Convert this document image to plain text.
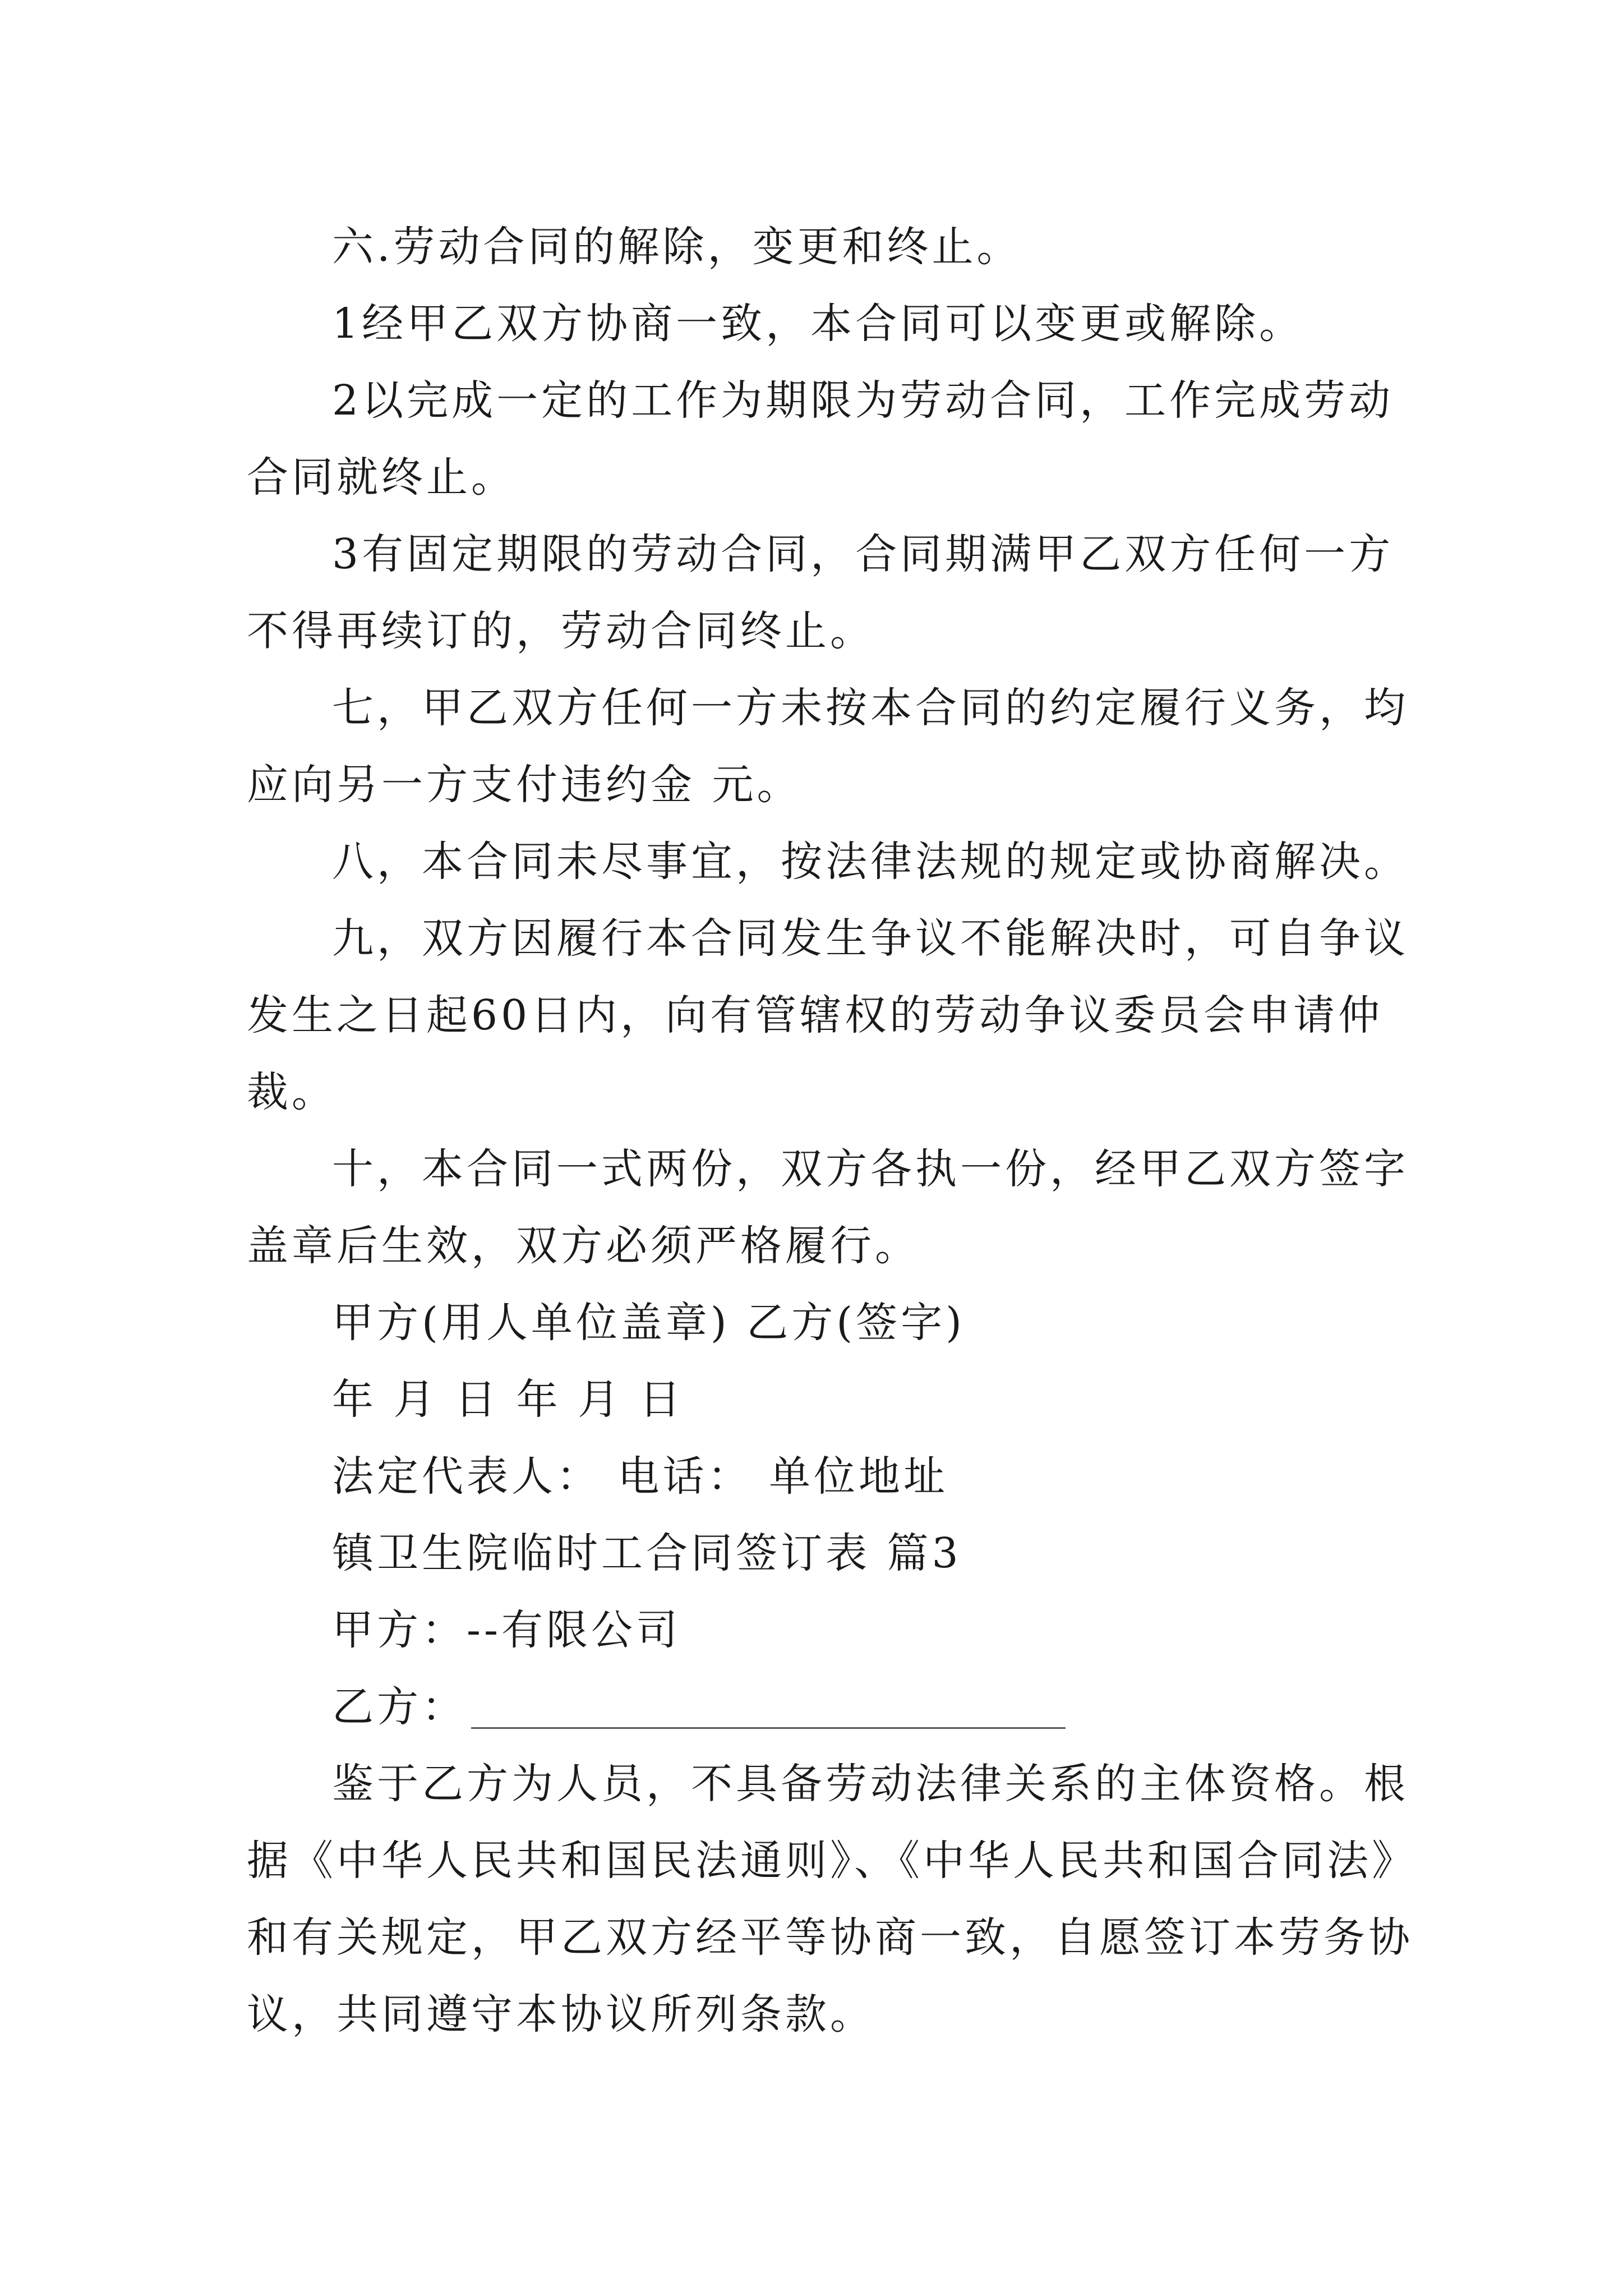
六.劳动合同的解除，变更和终止。
1经甲乙双方协商一致，本合同可以变更或解除。
2以完成一定的工作为期限为劳动合同，工作完成劳动
合同就终止。
3有固定期限的劳动合同，合同期满甲乙双方任何一方
不得再续订的，劳动合同终止。
七，甲乙双方任何一方未按本合同的约定履行义务，均
应向另一方支付违约金 元。
八，本合同未尽事宜，按法律法规的规定或协商解决。
九，双方因履行本合同发生争议不能解决时，可自争议
发生之日起60日内，向有管辖权的劳动争议委员会申请仲
裁。
十，本合同一式两份，双方各执一份，经甲乙双方签字
盖章后生效，双方必须严格履行。
甲方(用人单位盖章) 乙方(签字)
年 月 日 年 月 日
法定代表人： 电话： 单位地址
镇卫生院临时工合同签订表 篇3
甲方：--有限公司
乙方：
鉴于乙方为人员，不具备劳动法律关系的主体资格。根
据《中华人民共和国民法通则》、《中华人民共和国合同法》
和有关规定，甲乙双方经平等协商一致，自愿签订本劳务协
议，共同遵守本协议所列条款。
